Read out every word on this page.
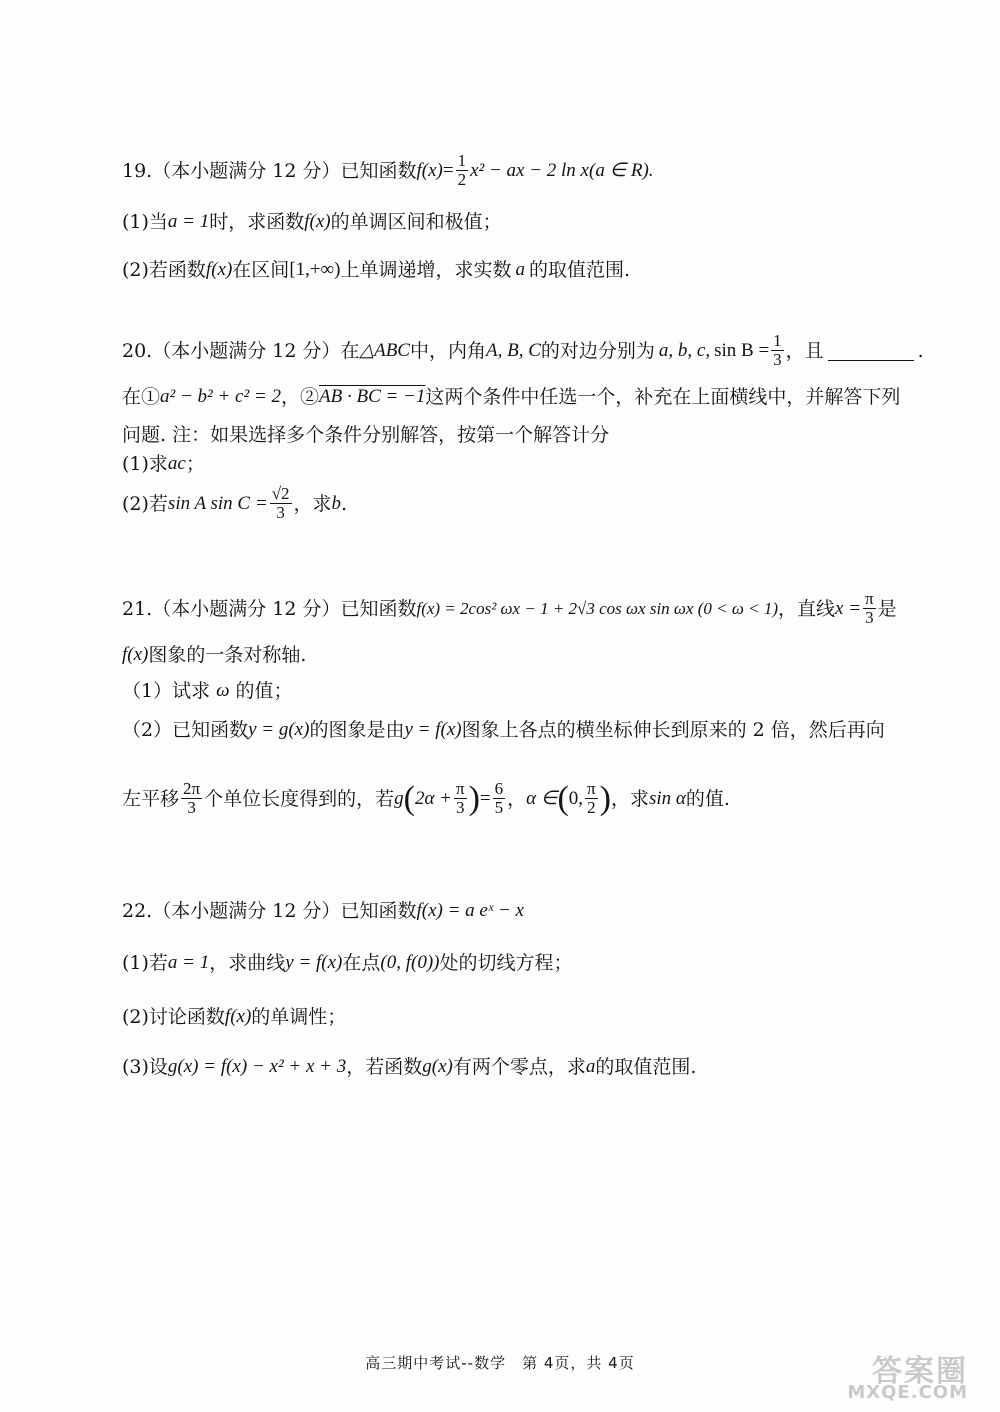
19.（本小题满分 12 分）已知函数 $f(x) = \frac{1}{2} x^2$ − ax − 2 ln x (a ∈ R).
(1)当 a = 1 时，求函数 f(x) 的单调区间和极值；
(2)若函数 f(x) 在区间 [1,+∞) 上单调递增，求实数 a 的取值范围.
20.（本小题满分 12 分）在 △ABC 中，内角 A, B, C 的对边分别为 a, b, c, $\sin B = \frac{1}{3}$ ，且	.
在① a² − b² + c² = 2 ，② AB · BC = −1 这两个条件中任选一个，补充在上面横线中，并解答下列
问题. 注：如果选择多个条件分别解答，按第一个解答计分
(1)求 ac ；
(2)若 sin A $\sin C = \frac{√2}{3}$ ，求 b .
21.（本小题满分 12 分）已知函数 f(x) = 2cos² ωx − 1 + 2√3 cos ωx sin ωx (0 < ω < 1) ，直线 $x = \frac{\pi}{3}$ 是
f(x) 图象的一条对称轴.
（1）试求 ω 的值；
（2）已知函数 y = g(x) 的图象是由 y = f(x) 图象上各点的横坐标伸长到原来的 2 倍，然后再向
左平移 $\frac{2\pi}{3}$ 个单位长度得到的，若 g ( $2\alpha + \frac{\pi}{3}$ ) = $\frac{6}{5}$ ， α ∈ ( 0, $\frac{\pi}{2}$ ) ，求 sin α 的值.
22.（本小题满分 12 分）已知函数 f(x) = a eˣ − x
(1)若 a = 1 ，求曲线 y = f(x) 在点 (0, f(0)) 处的切线方程；
(2)讨论函数 f(x) 的单调性；
(3)设 g(x) = f(x) − x² + x + 3 ，若函数 g(x) 有两个零点，求 a 的取值范围.
高三期中考试--数学　第 4页，共 4页	答案圈
MXQE.COM
